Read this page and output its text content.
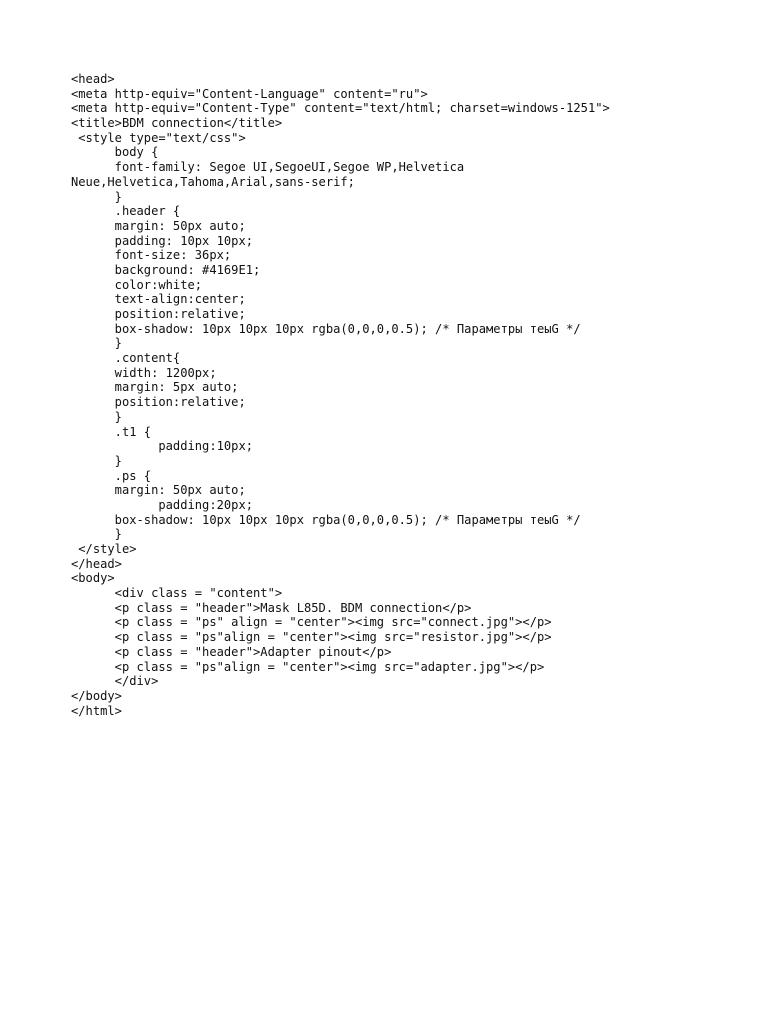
<head>
<meta http-equiv="Content-Language" content="ru">
<meta http-equiv="Content-Type" content="text/html; charset=windows-1251">
<title>BDM connection</title>
<style type="text/css">
body {
font-family: Segoe UI,SegoeUI,Segoe WP,Helvetica
Neue,Helvetica,Tahoma,Arial,sans-serif;
}
.header {
margin: 50px auto;
padding: 10px 10px;
font-size: 36px;
background: #4169E1;
color:white;
text-align:center;
position:relative;
box-shadow: 10px 10px 10px rgba(0,0,0,0.5); /* Параметры теыG */
}
.content{
width: 1200px;
margin: 5px auto;
position:relative;
}
.t1 {
padding:10px;
}
.ps {
margin: 50px auto;
padding:20px;
box-shadow: 10px 10px 10px rgba(0,0,0,0.5); /* Параметры теыG */
}
</style>
</head>
<body>
<div class = "content">
<p class = "header">Mask L85D. BDM connection</p>
<p class = "ps" align = "center"><img src="connect.jpg"></p>
<p class = "ps"align = "center"><img src="resistor.jpg"></p>
<p class = "header">Adapter pinout</p>
<p class = "ps"align = "center"><img src="adapter.jpg"></p>
</div>
</body>
</html>
